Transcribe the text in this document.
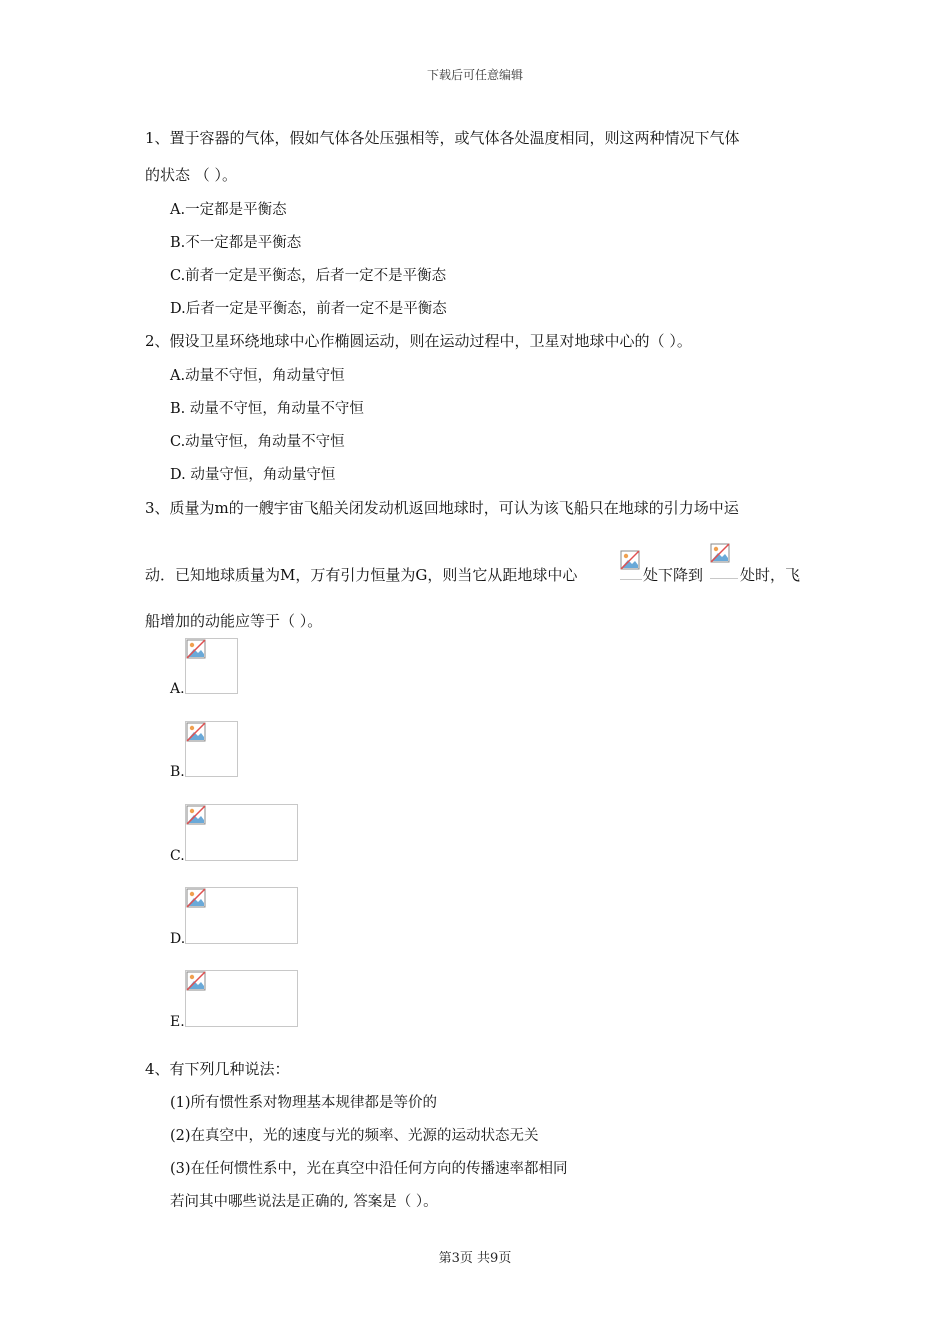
下载后可任意编辑
1、置于容器的气体，假如气体各处压强相等，或气体各处温度相同，则这两种情况下气体
的状态 （ ）。
A.一定都是平衡态
B.不一定都是平衡态
C.前者一定是平衡态，后者一定不是平衡态
D.后者一定是平衡态，前者一定不是平衡态
2、假设卫星环绕地球中心作椭圆运动，则在运动过程中，卫星对地球中心的（ ）。
A.动量不守恒，角动量守恒
B. 动量不守恒，角动量不守恒
C.动量守恒，角动量不守恒
D. 动量守恒，角动量守恒
3、质量为m的一艘宇宙飞船关闭发动机返回地球时，可认为该飞船只在地球的引力场中运
动．已知地球质量为M，万有引力恒量为G，则当它从距地球中心	处下降到 处时，飞
船增加的动能应等于（ ）。
A.
B.
C.
D.
E.
4、有下列几种说法：
(1)所有惯性系对物理基本规律都是等价的
(2)在真空中，光的速度与光的频率、光源的运动状态无关
(3)在任何惯性系中，光在真空中沿任何方向的传播速率都相同
若问其中哪些说法是正确的, 答案是（ ）。
第3页 共9页
